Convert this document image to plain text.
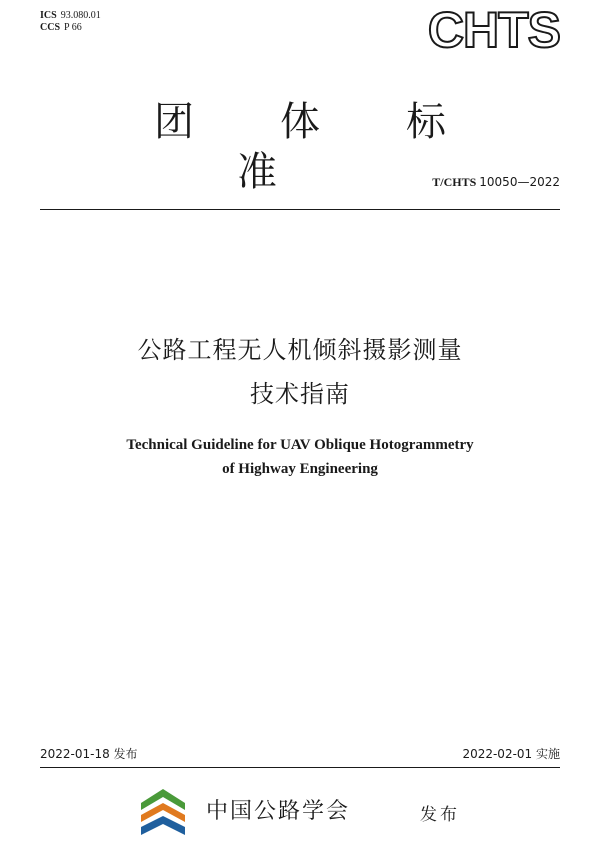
ICS 93.080.01
CCS P 66	CHTS
团体标准	T/CHTS 10050—2022
公路工程无人机倾斜摄影测量
技术指南
Technical Guideline for UAV Oblique Hotogrammetry
of Highway Engineering
2022-01-18 发布	2022-02-01 实施
中国公路学会	发布
